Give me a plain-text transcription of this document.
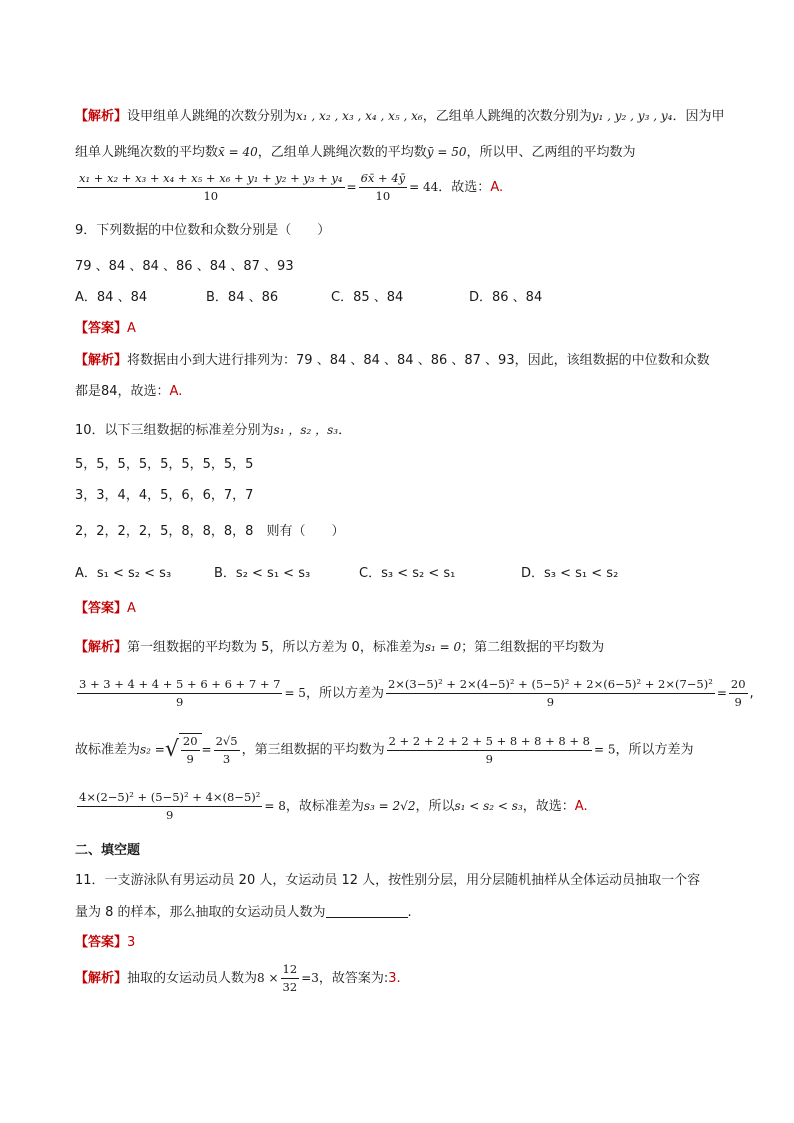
【解析】设甲组单人跳绳的次数分别为x₁ , x₂ , x₃ , x₄ , x₅ , x₆，乙组单人跳绳的次数分别为y₁ , y₂ , y₃ , y₄．因为甲
组单人跳绳次数的平均数x̄ = 40，乙组单人跳绳次数的平均数ȳ = 50，所以甲、乙两组的平均数为
$\frac{\text{x₁ + x₂ + x₃ + x₄ + x₅ + x₆ + y₁ + y₂ + y₃ + y₄}}{10} = \frac{6x̄ + 4ȳ}{10} = 44$．故选：A.
9．下列数据的中位数和众数分别是（　　）
79 、84 、84 、86 、84 、87 、93
A．84 、84	B．84 、86	C．85 、84	D．86 、84
【答案】A
【解析】将数据由小到大进行排列为：79 、84 、84 、84 、86 、87 、93，因此，该组数据的中位数和众数
都是84，故选：A.
10．以下三组数据的标准差分别为s₁ ，s₂ ，s₃．
5，5，5，5，5，5，5，5，5
3，3，4，4，5，6，6，7，7
2，2，2，2，5，8，8，8，8　则有（　　）
A．s₁ < s₂ < s₃	B．s₂ < s₁ < s₃	C．s₃ < s₂ < s₁	D．s₃ < s₁ < s₂
【答案】A
【解析】第一组数据的平均数为 5，所以方差为 0，标准差为s₁ = 0；第二组数据的平均数为
$\frac{3 + 3 + 4 + 4 + 5 + 6 + 6 + 7 + 7}{9} = 5$，所以方差为 $\frac{\text{2×(3−5)² + 2×(4−5)² + (5−5)² + 2×(6−5)² + 2×(7−5)²}}{9} = \frac{20}{9}$ ,
故标准差为s₂ =√ $\frac{20}{9} = \frac{2√5}{3}$ ，第三组数据的平均数为 $\frac{2 + 2 + 2 + 2 + 5 + 8 + 8 + 8 + 8}{9} = 5$，所以方差为
$\frac{\text{4×(2−5)² + (5−5)² + 4×(8−5)²}}{9} = 8$，故标准差为s₃ = 2√2，所以s₁ < s₂ < s₃，故选：A.
二、填空题
11．一支游泳队有男运动员 20 人，女运动员 12 人，按性别分层，用分层随机抽样从全体运动员抽取一个容
量为 8 的样本，那么抽取的女运动员人数为	.
【答案】3
【解析】抽取的女运动员人数为$8 \times \frac{12}{32} =3$，故答案为:3.
